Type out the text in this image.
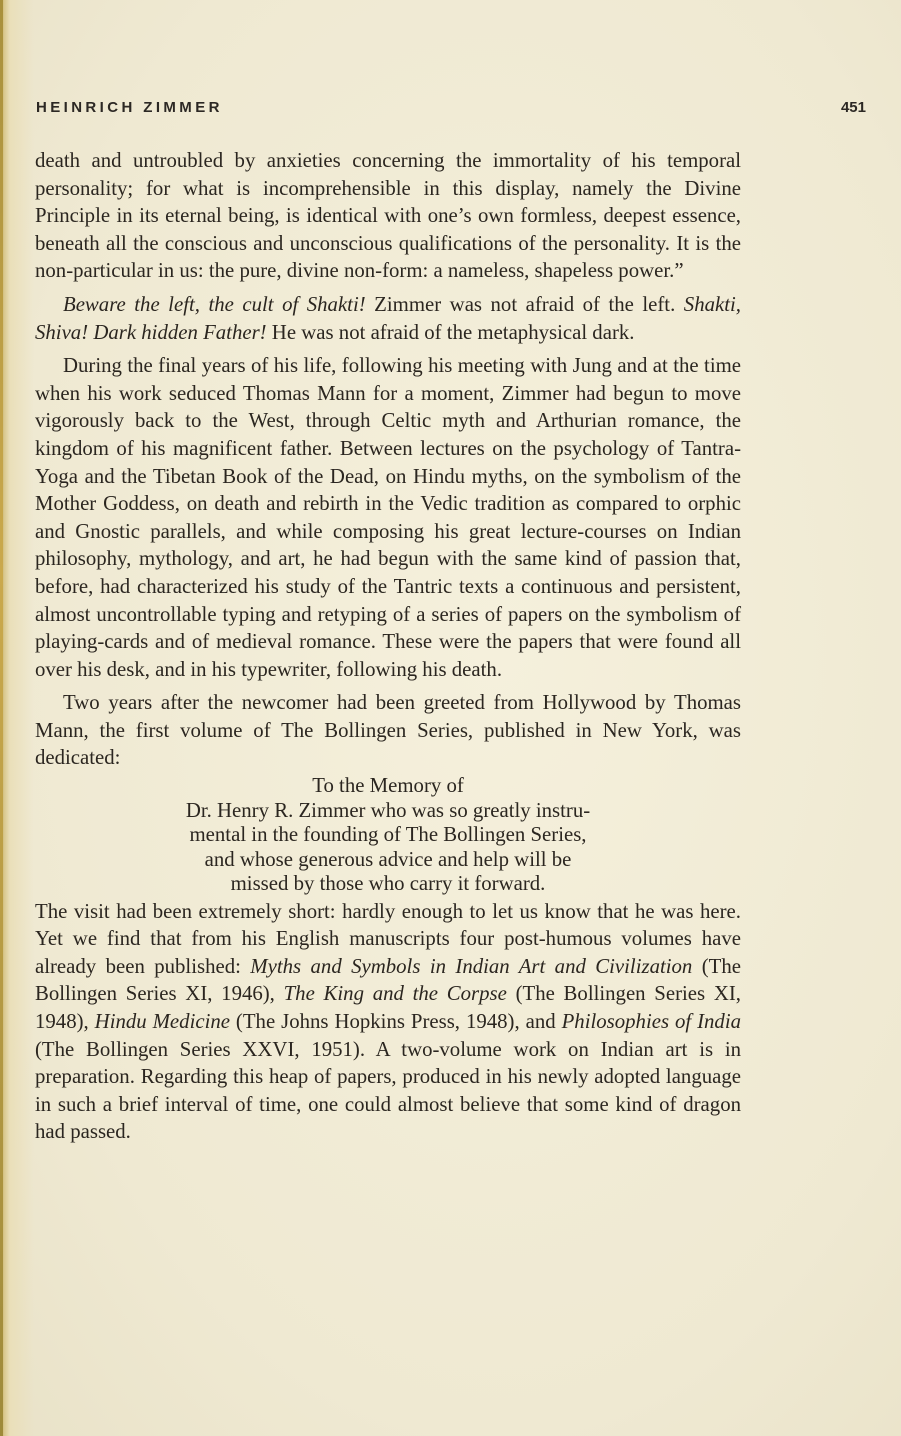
HEINRICH ZIMMER	451

death and untroubled by anxieties concerning the immortality of his temporal personality; for what is incomprehensible in this display, namely the Divine Principle in its eternal being, is identical with one’s own formless, deepest essence, beneath all the conscious and unconscious qualifications of the personality. It is the non-particular in us: the pure, divine non-form: a nameless, shapeless power.”

Beware the left, the cult of Shakti! Zimmer was not afraid of the left. Shakti, Shiva! Dark hidden Father! He was not afraid of the metaphysical dark.

During the final years of his life, following his meeting with Jung and at the time when his work seduced Thomas Mann for a moment, Zimmer had begun to move vigorously back to the West, through Celtic myth and Arthurian romance, the kingdom of his magnificent father. Between lectures on the psychology of Tantra-Yoga and the Tibetan Book of the Dead, on Hindu myths, on the symbolism of the Mother Goddess, on death and rebirth in the Vedic tradition as compared to orphic and Gnostic parallels, and while composing his great lecture-courses on Indian philosophy, mythology, and art, he had begun with the same kind of passion that, before, had characterized his study of the Tantric texts a continuous and persistent, almost uncontrollable typing and retyping of a series of papers on the symbolism of playing-cards and of medieval romance. These were the papers that were found all over his desk, and in his typewriter, following his death.

Two years after the newcomer had been greeted from Hollywood by Thomas Mann, the first volume of The Bollingen Series, published in New York, was dedicated:

To the Memory of
Dr. Henry R. Zimmer who was so greatly instru-
mental in the founding of The Bollingen Series,
and whose generous advice and help will be
missed by those who carry it forward.

The visit had been extremely short: hardly enough to let us know that he was here. Yet we find that from his English manuscripts four post-humous volumes have already been published: Myths and Symbols in Indian Art and Civilization (The Bollingen Series XI, 1946), The King and the Corpse (The Bollingen Series XI, 1948), Hindu Medicine (The Johns Hopkins Press, 1948), and Philosophies of India (The Bollingen Series XXVI, 1951). A two-volume work on Indian art is in preparation. Regarding this heap of papers, produced in his newly adopted language in such a brief interval of time, one could almost believe that some kind of dragon had passed.
